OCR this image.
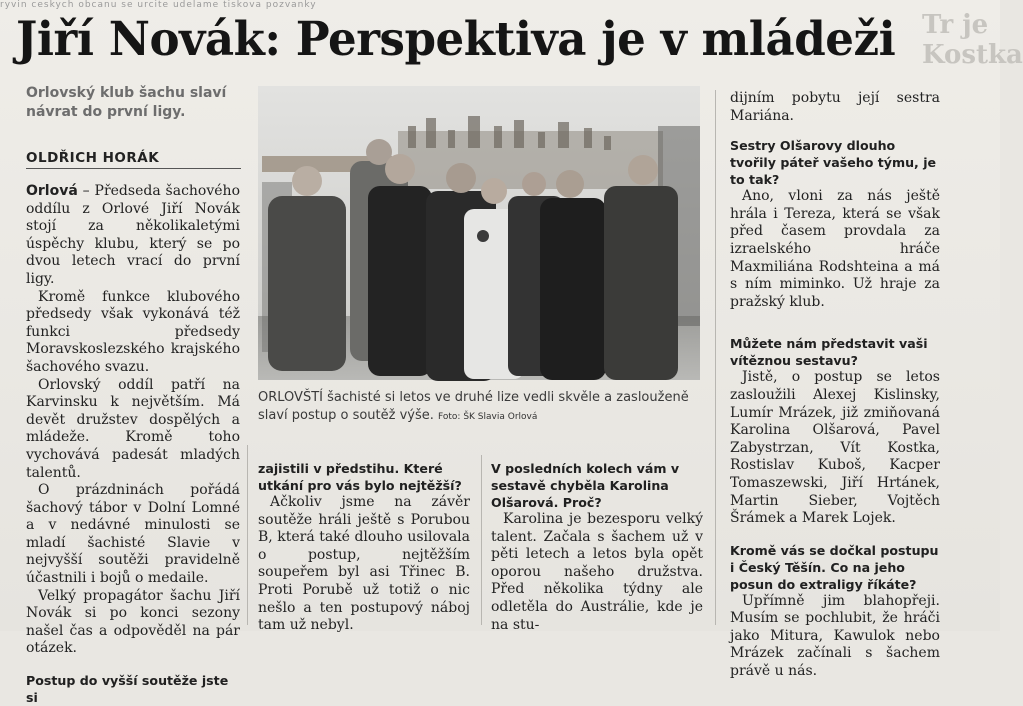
ryvin ceskych obcanu se urcite udelame tiskova pozvanky
Tr je Kostka
Jiří Novák: Perspektiva je v mládeži
Orlovský klub šachu slaví návrat do první ligy.
OLDŘICH HORÁK

Orlová – Předseda šachového oddílu z Orlové Jiří Novák stojí za několikaletými úspěchy klubu, který se po dvou letech vrací do první ligy.

Kromě funkce klubového předsedy však vykonává též funkci předsedy Moravskoslezského krajského šachového svazu.

Orlovský oddíl patří na Karvinsku k největším. Má devět družstev dospělých a mládeže. Kromě toho vychovává padesát mladých talentů.

O prázdninách pořádá šachový tábor v Dolní Lomné a v nedávné minulosti se mladí šachisté Slavie v nejvyšší soutěži pravidelně účastnili i bojů o medaile.

Velký propagátor šachu Jiří Novák si po konci sezony našel čas a odpověděl na pár otázek.

Postup do vyšší soutěže jste si
ORLOVŠTÍ šachisté si letos ve druhé lize vedli skvěle a zaslouženě slaví postup o soutěž výše. Foto: ŠK Slavia Orlová
zajistili v předstihu. Které utkání pro vás bylo nejtěžší?

Ačkoliv jsme na závěr soutěže hráli ještě s Porubou B, která také dlouho usilovala o postup, nejtěžším soupeřem byl asi Třinec B. Proti Porubě už totiž o nic nešlo a ten postupový náboj tam už nebyl.

V posledních kolech vám v sestavě chyběla Karolina Olšarová. Proč?

Karolina je bezesporu velký talent. Začala s šachem už v pěti letech a letos byla opět oporou našeho družstva. Před několika týdny ale odletěla do Austrálie, kde je na stu-

dijním pobytu její sestra Mariána.

Sestry Olšarovy dlouho tvořily páteř vašeho týmu, je to tak?

Ano, vloni za nás ještě hrála i Tereza, která se však před časem provdala za izraelského hráče Maxmiliána Rodshteina a má s ním miminko. Už hraje za pražský klub.

Můžete nám představit vaši vítěznou sestavu?

Jistě, o postup se letos zasloužili Alexej Kislinsky, Lumír Mrázek, již zmiňovaná Karolina Olšarová, Pavel Zabystrzan, Vít Kostka, Rostislav Kuboš, Kacper Tomaszewski, Jiří Hrtánek, Martin Sieber, Vojtěch Šrámek a Marek Lojek.

Kromě vás se dočkal postupu i Český Těšín. Co na jeho posun do extraligy říkáte?

Upřímně jim blahopřeji. Musím se pochlubit, že hráči jako Mitura, Kawulok nebo Mrázek začínali s šachem právě u nás.
